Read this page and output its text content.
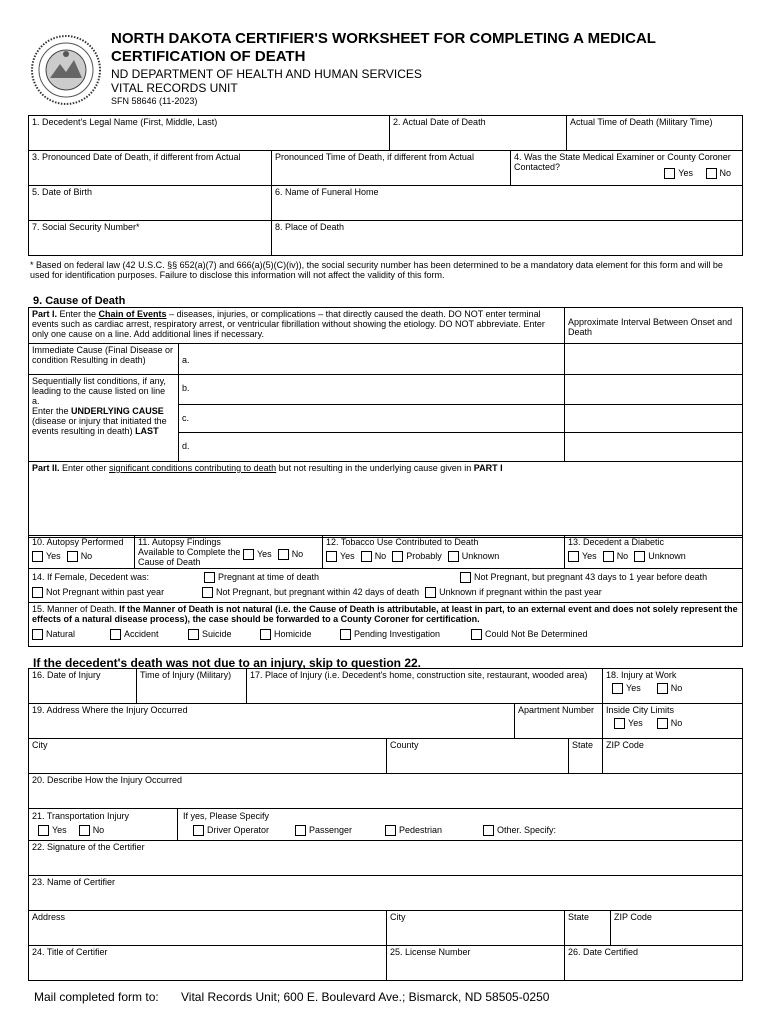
NORTH DAKOTA CERTIFIER'S WORKSHEET FOR COMPLETING A MEDICAL
CERTIFICATION OF DEATH
ND DEPARTMENT OF HEALTH AND HUMAN SERVICES
VITAL RECORDS UNIT
SFN 58646 (11-2023)
1. Decedent's Legal Name (First, Middle, Last)		2. Actual Date of Death		Actual Time of Death (Military Time)
3. Pronounced Date of Death, if different from Actual	Pronounced Time of Death, if different from Actual		4. Was the State Medical Examiner or County Coroner Contacted?
Yes No	

5. Date of Birth	6. Name of Funeral Home			
7. Social Security Number*	8. Place of Death			
* Based on federal law (42 U.S.C. §§ 652(a)(7) and 666(a)(5)(C)(iv)), the social security number has been determined to be a mandatory data element for this form and will be used for identification purposes. Failure to disclose this information will not affect the validity of this form.
9. Cause of Death
Part I. Enter the Chain of Events – diseases, injuries, or complications – that directly caused the death. DO NOT enter terminal events such as cardiac arrest, respiratory arrest, or ventricular fibrillation without showing the etiology. DO NOT abbreviate. Enter only one cause on a line. Add additional lines if necessary.		Approximate Interval Between Onset and Death
Immediate Cause (Final Disease or condition Resulting in death)	a.	
Sequentially list conditions, if any, leading to the cause listed on line a.
Enter the UNDERLYING CAUSE (disease or injury that initiated the events resulting in death) LAST	b.	
	c.	
	d.	
Part II. Enter other significant conditions contributing to death but not resulting in the underlying cause given in PART I		
10. Autopsy Performed
Yes No

11. Autopsy Findings Available to Complete the Cause of Death
Yes No

12. Tobacco Use Contributed to Death
Yes No Probably Unknown

13. Decedent a Diabetic
Yes No Unknown

14. If Female, Decedent was:	Pregnant at time of death	Not Pregnant, but pregnant 43 days to 1 year before death
Not Pregnant within past year	Not Pregnant, but pregnant within 42 days of death Unknown if pregnant within the past year

15. Manner of Death. If the Manner of Death is not natural (i.e. the Cause of Death is attributable, at least in part, to an external event and does not solely represent the effects of a natural disease process), the case should be forwarded to a County Coroner for certification.
Natural	Accident	Suicide	Homicide	Pending Investigation	Could Not Be Determined
If the decedent's death was not due to an injury, skip to question 22.
16. Date of Injury	Time of Injury (Military)	17. Place of Injury (i.e. Decedent's home, construction site, restaurant, wooded area)				18. Injury at Work
Yes No

19. Address Where the Injury Occurred				Apartment Number		Inside City Limits
Yes No

City			County		State	ZIP Code
20. Describe How the Injury Occurred						

21. Transportation Injury
Yes No
If yes, Please Specify
Driver Operator Passenger Pedestrian Other. Specify:						
22. Signature of the Certifier			
23. Name of Certifier			
Address	City	State	ZIP Code
24. Title of Certifier	25. License Number	26. Date Certified	
Mail completed form to: Vital Records Unit; 600 E. Boulevard Ave.; Bismarck, ND 58505-0250
